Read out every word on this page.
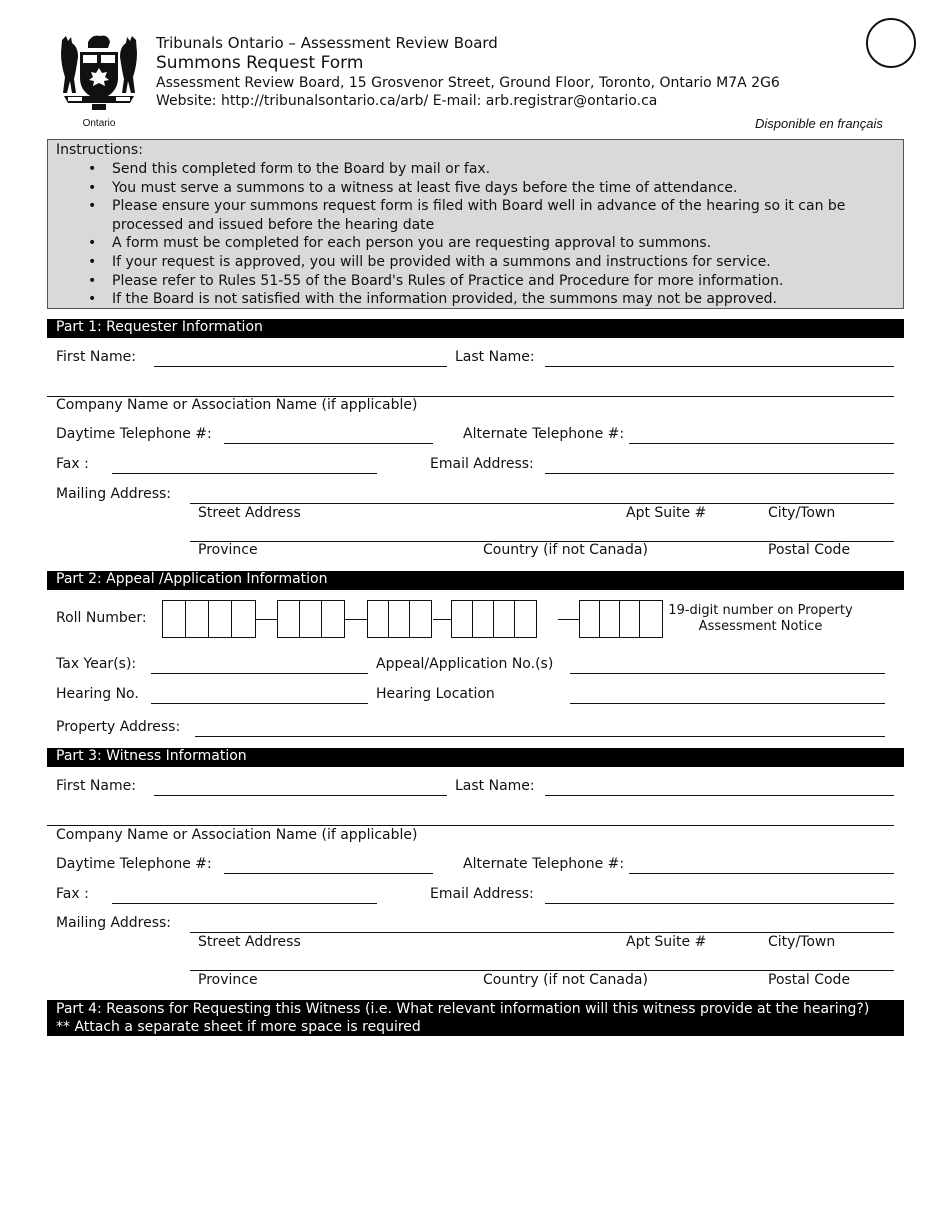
Ontario
Tribunals Ontario – Assessment Review Board
Summons Request Form
Assessment Review Board, 15 Grosvenor Street, Ground Floor, Toronto, Ontario M7A 2G6
Website: http://tribunalsontario.ca/arb/ E-mail: arb.registrar@ontario.ca
Disponible en français
Instructions:
• Send this completed form to the Board by mail or fax.
• You must serve a summons to a witness at least five days before the time of attendance.
• Please ensure your summons request form is filed with Board well in advance of the hearing so it can be processed and issued before the hearing date
• A form must be completed for each person you are requesting approval to summons.
• If your request is approved, you will be provided with a summons and instructions for service.
• Please refer to Rules 51-55 of the Board's Rules of Practice and Procedure for more information.
• If the Board is not satisfied with the information provided, the summons may not be approved.
Part 1: Requester Information
First Name:	Last Name:
Company Name or Association Name (if applicable)
Daytime Telephone #:	Alternate Telephone #:
Fax :	Email Address:
Mailing Address:
Street Address	Apt Suite #	City/Town
Province	Country (if not Canada)	Postal Code
Part 2: Appeal /Application Information
Roll Number:	19-digit number on Property Assessment Notice
Tax Year(s):	Appeal/Application No.(s)
Hearing No.	Hearing Location
Property Address:
Part 3: Witness Information
First Name:	Last Name:
Company Name or Association Name (if applicable)
Daytime Telephone #:	Alternate Telephone #:
Fax :	Email Address:
Mailing Address:
Street Address	Apt Suite #	City/Town
Province	Country (if not Canada)	Postal Code
Part 4: Reasons for Requesting this Witness (i.e. What relevant information will this witness provide at the hearing?)
** Attach a separate sheet if more space is required
